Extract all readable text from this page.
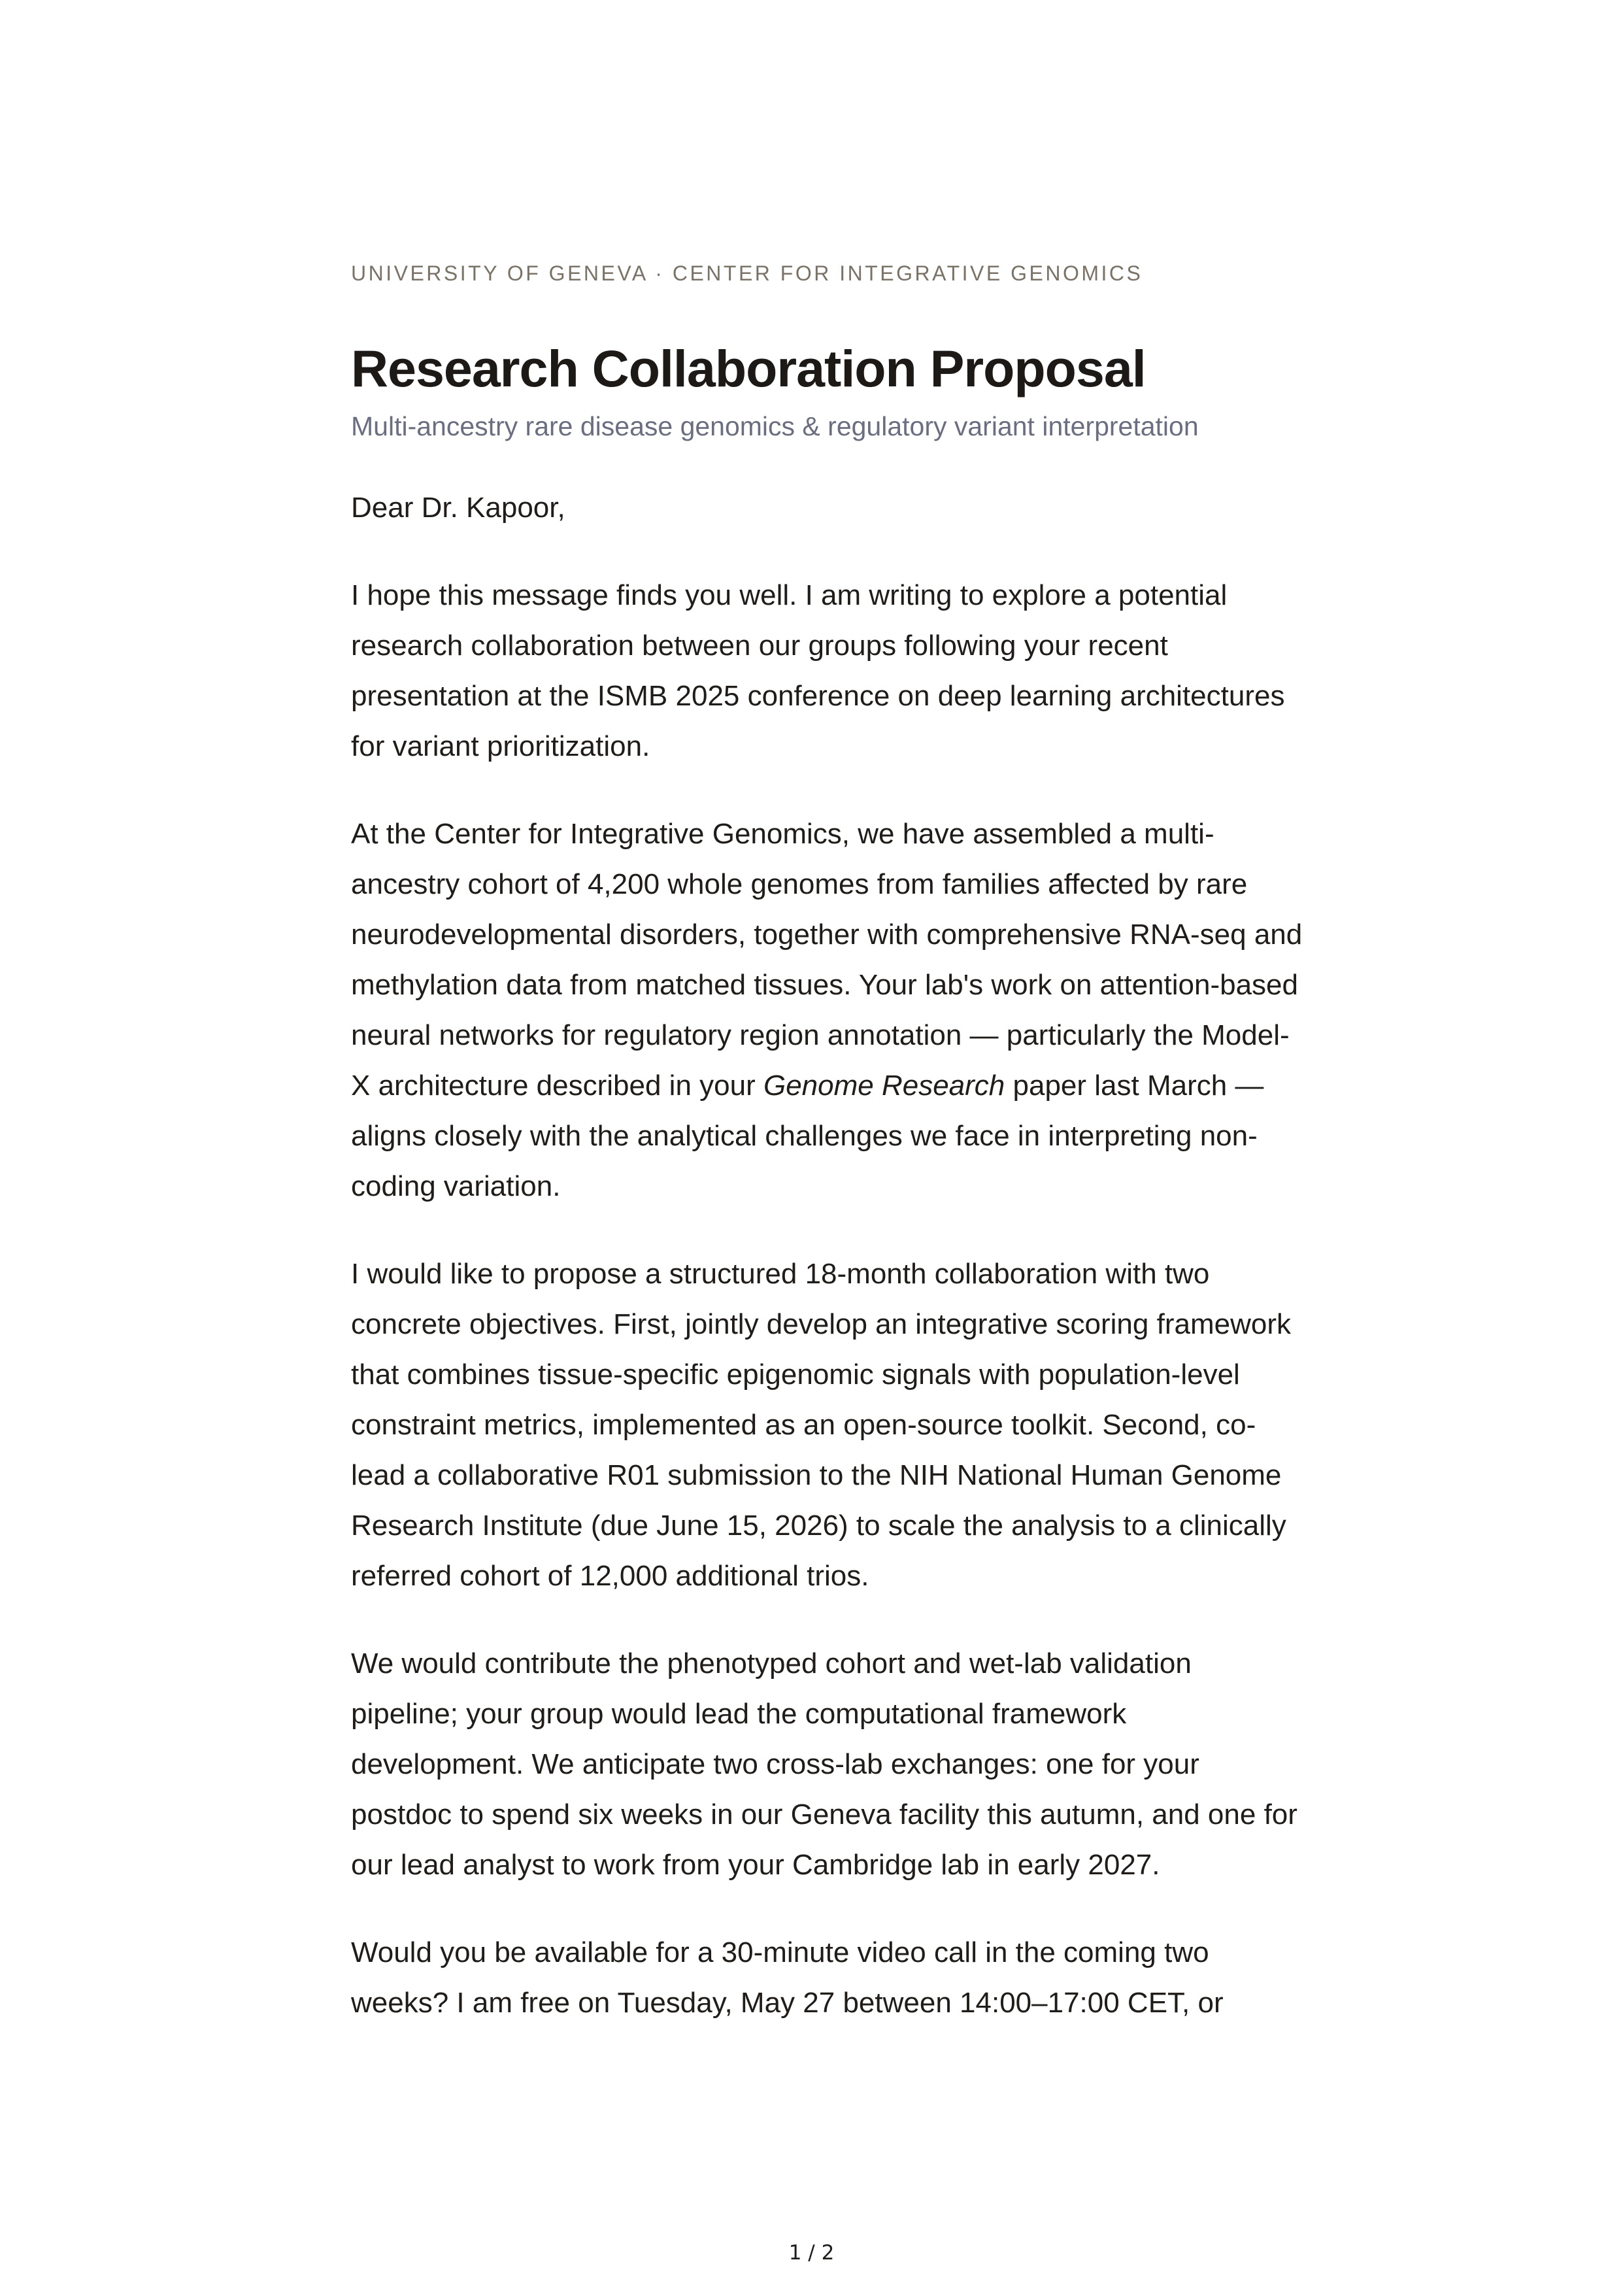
UNIVERSITY OF GENEVA · CENTER FOR INTEGRATIVE GENOMICS

Research Collaboration Proposal

Multi-ancestry rare disease genomics & regulatory variant interpretation

Dear Dr. Kapoor,

I hope this message finds you well. I am writing to explore a potential research collaboration between our groups following your recent presentation at the ISMB 2025 conference on deep learning architectures for variant prioritization.

At the Center for Integrative Genomics, we have assembled a multi-ancestry cohort of 4,200 whole genomes from families affected by rare neurodevelopmental disorders, together with comprehensive RNA-seq and methylation data from matched tissues. Your lab's work on attention-based neural networks for regulatory region annotation — particularly the Model-X architecture described in your Genome Research paper last March — aligns closely with the analytical challenges we face in interpreting non-coding variation.

I would like to propose a structured 18-month collaboration with two concrete objectives. First, jointly develop an integrative scoring framework that combines tissue-specific epigenomic signals with population-level constraint metrics, implemented as an open-source toolkit. Second, co-lead a collaborative R01 submission to the NIH National Human Genome Research Institute (due June 15, 2026) to scale the analysis to a clinically referred cohort of 12,000 additional trios.

We would contribute the phenotyped cohort and wet-lab validation pipeline; your group would lead the computational framework development. We anticipate two cross-lab exchanges: one for your postdoc to spend six weeks in our Geneva facility this autumn, and one for our lead analyst to work from your Cambridge lab in early 2027.

Would you be available for a 30-minute video call in the coming two weeks? I am free on Tuesday, May 27 between 14:00–17:00 CET, or

1 / 2
